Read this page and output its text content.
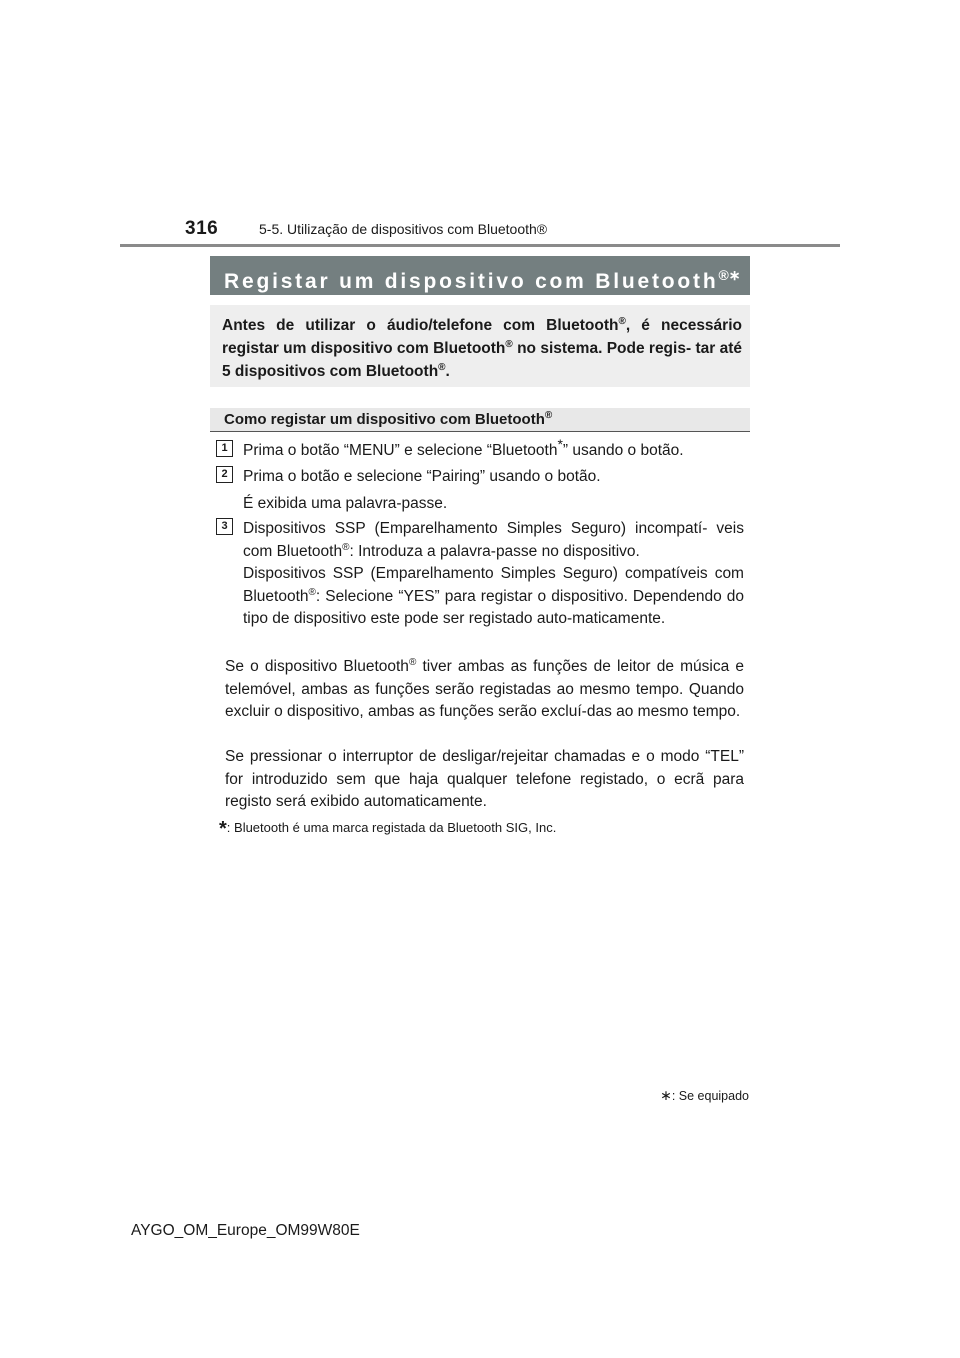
316	5-5. Utilização de dispositivos com Bluetooth®
Registar um dispositivo com Bluetooth®∗
Antes de utilizar o áudio/telefone com Bluetooth®, é necessário registar um dispositivo com Bluetooth® no sistema. Pode regis- tar até 5 dispositivos com Bluetooth®.
Como registar um dispositivo com Bluetooth®
1 Prima o botão “MENU” e selecione “Bluetooth*” usando o botão.
2 Prima o botão e selecione “Pairing” usando o botão.
É exibida uma palavra-passe.
3 Dispositivos SSP (Emparelhamento Simples Seguro) incompatí- veis com Bluetooth®: Introduza a palavra-passe no dispositivo.
Dispositivos SSP (Emparelhamento Simples Seguro) compatíveis com Bluetooth®: Selecione “YES” para registar o dispositivo. Dependendo do tipo de dispositivo este pode ser registado auto-maticamente.
Se o dispositivo Bluetooth® tiver ambas as funções de leitor de música e telemóvel, ambas as funções serão registadas ao mesmo tempo. Quando excluir o dispositivo, ambas as funções serão excluí-das ao mesmo tempo.
Se pressionar o interruptor de desligar/rejeitar chamadas e o modo “TEL” for introduzido sem que haja qualquer telefone registado, o ecrã para registo será exibido automaticamente.
*: Bluetooth é uma marca registada da Bluetooth SIG, Inc.
∗: Se equipado
AYGO_OM_Europe_OM99W80E
